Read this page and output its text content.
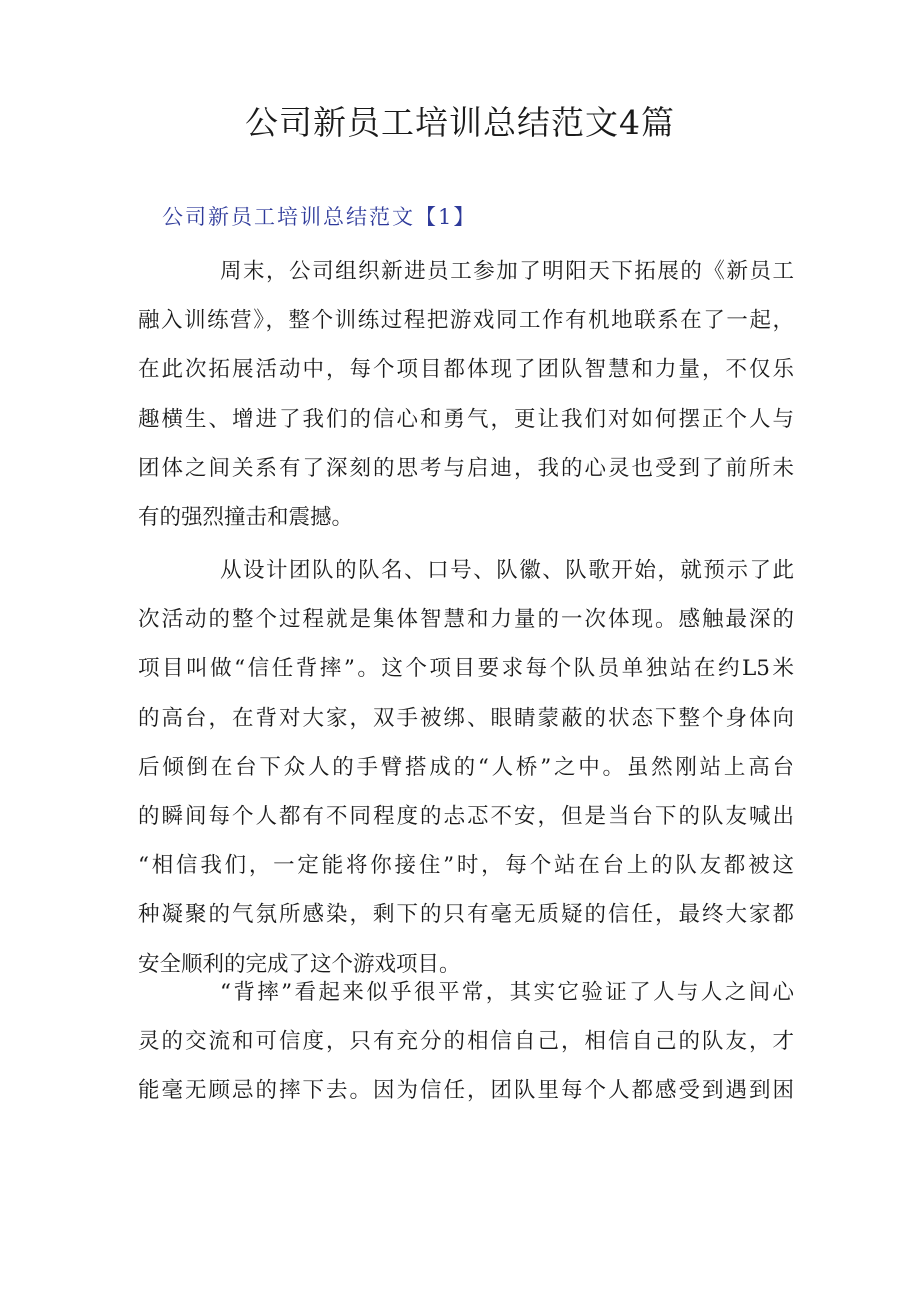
公司新员工培训总结范文4篇
公司新员工培训总结范文【1】
周末，公司组织新进员工参加了明阳天下拓展的《新员工
融入训练营》，整个训练过程把游戏同工作有机地联系在了一起，
在此次拓展活动中，每个项目都体现了团队智慧和力量，不仅乐
趣横生、增进了我们的信心和勇气，更让我们对如何摆正个人与
团体之间关系有了深刻的思考与启迪，我的心灵也受到了前所未
有的强烈撞击和震撼。
从设计团队的队名、口号、队徽、队歌开始，就预示了此
次活动的整个过程就是集体智慧和力量的一次体现。感触最深的
项目叫做“信任背摔”。这个项目要求每个队员单独站在约L5米
的高台，在背对大家，双手被绑、眼睛蒙蔽的状态下整个身体向
后倾倒在台下众人的手臂搭成的“人桥”之中。虽然刚站上高台
的瞬间每个人都有不同程度的忐忑不安，但是当台下的队友喊出
“相信我们，一定能将你接住”时，每个站在台上的队友都被这
种凝聚的气氛所感染，剩下的只有毫无质疑的信任，最终大家都
安全顺利的完成了这个游戏项目。
“背摔”看起来似乎很平常，其实它验证了人与人之间心
灵的交流和可信度，只有充分的相信自己，相信自己的队友，才
能毫无顾忌的摔下去。因为信任，团队里每个人都感受到遇到困
